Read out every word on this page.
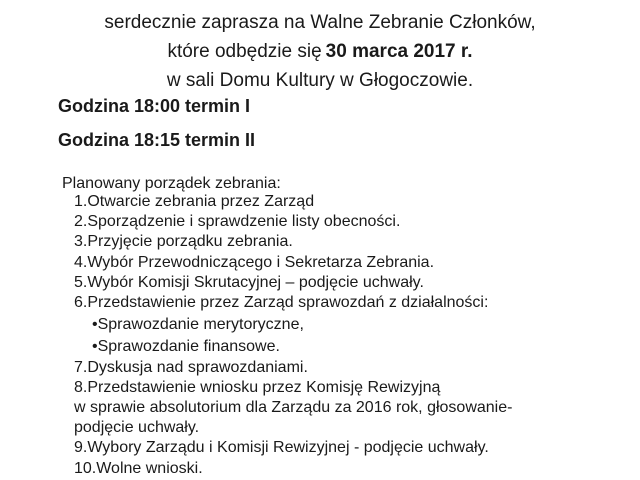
serdecznie zaprasza na Walne Zebranie Członków,
które odbędzie się 30 marca 2017 r.
w sali Domu Kultury w Głogoczowie.
Godzina 18:00 termin I
Godzina 18:15 termin II
Planowany porządek zebrania:
1.Otwarcie zebrania przez Zarząd
2.Sporządzenie i sprawdzenie listy obecności.
3.Przyjęcie porządku zebrania.
4.Wybór Przewodniczącego i Sekretarza Zebrania.
5.Wybór Komisji Skrutacyjnej – podjęcie uchwały.
6.Przedstawienie przez Zarząd sprawozdań z działalności:
•Sprawozdanie merytoryczne,
•Sprawozdanie finansowe.
7.Dyskusja nad sprawozdaniami.
8.Przedstawienie wniosku przez Komisję Rewizyjną
w sprawie absolutorium dla Zarządu za 2016 rok, głosowanie-
podjęcie uchwały.
9.Wybory Zarządu i Komisji Rewizyjnej - podjęcie uchwały.
10.Wolne wnioski.
